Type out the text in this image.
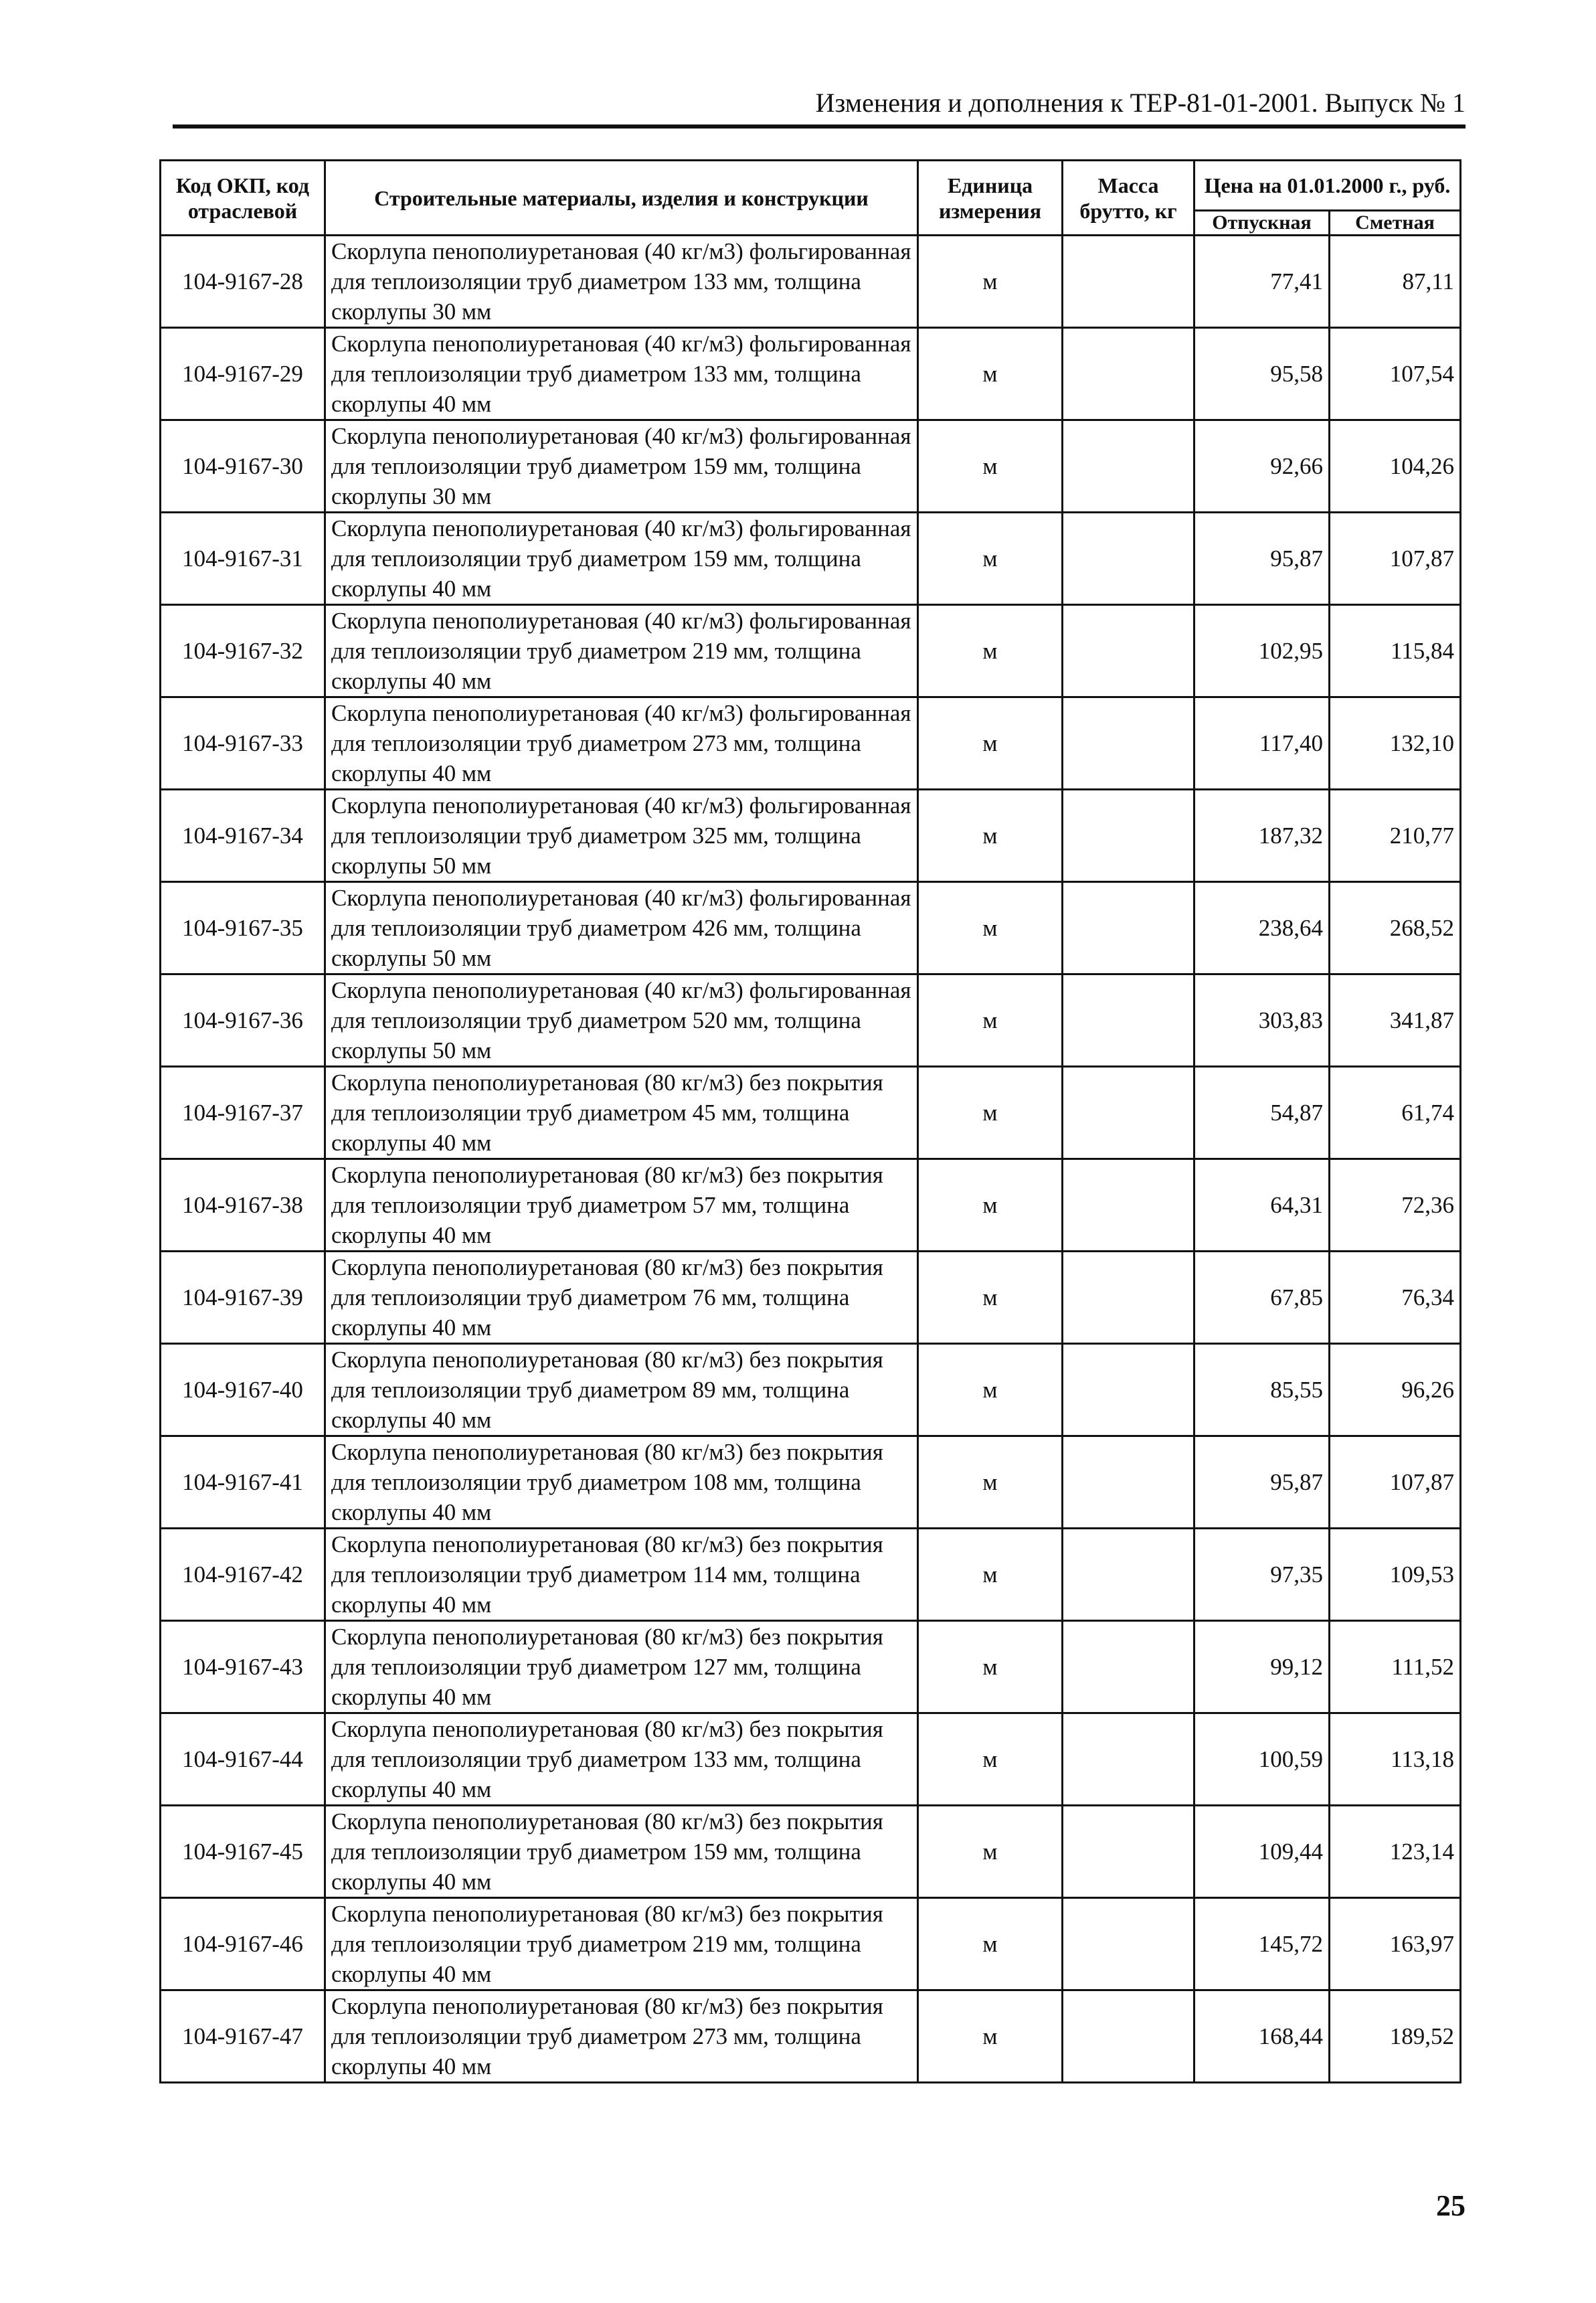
Изменения и дополнения к ТЕР-81-01-2001. Выпуск № 1
Код ОКП, код отраслевой	Строительные материалы, изделия и конструкции	Единица измерения	Масса брутто, кг	Цена на 01.01.2000 г., руб.	
				Отпускная	Сметная
104-9167-28	Скорлупа пенополиуретановая (40 кг/м3) фольгированная для теплоизоляции труб диаметром 133 мм, толщина скорлупы 30 мм	м		77,41	87,11
104-9167-29	Скорлупа пенополиуретановая (40 кг/м3) фольгированная для теплоизоляции труб диаметром 133 мм, толщина скорлупы 40 мм	м		95,58	107,54
104-9167-30	Скорлупа пенополиуретановая (40 кг/м3) фольгированная для теплоизоляции труб диаметром 159 мм, толщина скорлупы 30 мм	м		92,66	104,26
104-9167-31	Скорлупа пенополиуретановая (40 кг/м3) фольгированная для теплоизоляции труб диаметром 159 мм, толщина скорлупы 40 мм	м		95,87	107,87
104-9167-32	Скорлупа пенополиуретановая (40 кг/м3) фольгированная для теплоизоляции труб диаметром 219 мм, толщина скорлупы 40 мм	м		102,95	115,84
104-9167-33	Скорлупа пенополиуретановая (40 кг/м3) фольгированная для теплоизоляции труб диаметром 273 мм, толщина скорлупы 40 мм	м		117,40	132,10
104-9167-34	Скорлупа пенополиуретановая (40 кг/м3) фольгированная для теплоизоляции труб диаметром 325 мм, толщина скорлупы 50 мм	м		187,32	210,77
104-9167-35	Скорлупа пенополиуретановая (40 кг/м3) фольгированная для теплоизоляции труб диаметром 426 мм, толщина скорлупы 50 мм	м		238,64	268,52
104-9167-36	Скорлупа пенополиуретановая (40 кг/м3) фольгированная для теплоизоляции труб диаметром 520 мм, толщина скорлупы 50 мм	м		303,83	341,87
104-9167-37	Скорлупа пенополиуретановая (80 кг/м3) без покрытия для теплоизоляции труб диаметром 45 мм, толщина скорлупы 40 мм	м		54,87	61,74
104-9167-38	Скорлупа пенополиуретановая (80 кг/м3) без покрытия для теплоизоляции труб диаметром 57 мм, толщина скорлупы 40 мм	м		64,31	72,36
104-9167-39	Скорлупа пенополиуретановая (80 кг/м3) без покрытия для теплоизоляции труб диаметром 76 мм, толщина скорлупы 40 мм	м		67,85	76,34
104-9167-40	Скорлупа пенополиуретановая (80 кг/м3) без покрытия для теплоизоляции труб диаметром 89 мм, толщина скорлупы 40 мм	м		85,55	96,26
104-9167-41	Скорлупа пенополиуретановая (80 кг/м3) без покрытия для теплоизоляции труб диаметром 108 мм, толщина скорлупы 40 мм	м		95,87	107,87
104-9167-42	Скорлупа пенополиуретановая (80 кг/м3) без покрытия для теплоизоляции труб диаметром 114 мм, толщина скорлупы 40 мм	м		97,35	109,53
104-9167-43	Скорлупа пенополиуретановая (80 кг/м3) без покрытия для теплоизоляции труб диаметром 127 мм, толщина скорлупы 40 мм	м		99,12	111,52
104-9167-44	Скорлупа пенополиуретановая (80 кг/м3) без покрытия для теплоизоляции труб диаметром 133 мм, толщина скорлупы 40 мм	м		100,59	113,18
104-9167-45	Скорлупа пенополиуретановая (80 кг/м3) без покрытия для теплоизоляции труб диаметром 159 мм, толщина скорлупы 40 мм	м		109,44	123,14
104-9167-46	Скорлупа пенополиуретановая (80 кг/м3) без покрытия для теплоизоляции труб диаметром 219 мм, толщина скорлупы 40 мм	м		145,72	163,97
104-9167-47	Скорлупа пенополиуретановая (80 кг/м3) без покрытия для теплоизоляции труб диаметром 273 мм, толщина скорлупы 40 мм	м		168,44	189,52
25
